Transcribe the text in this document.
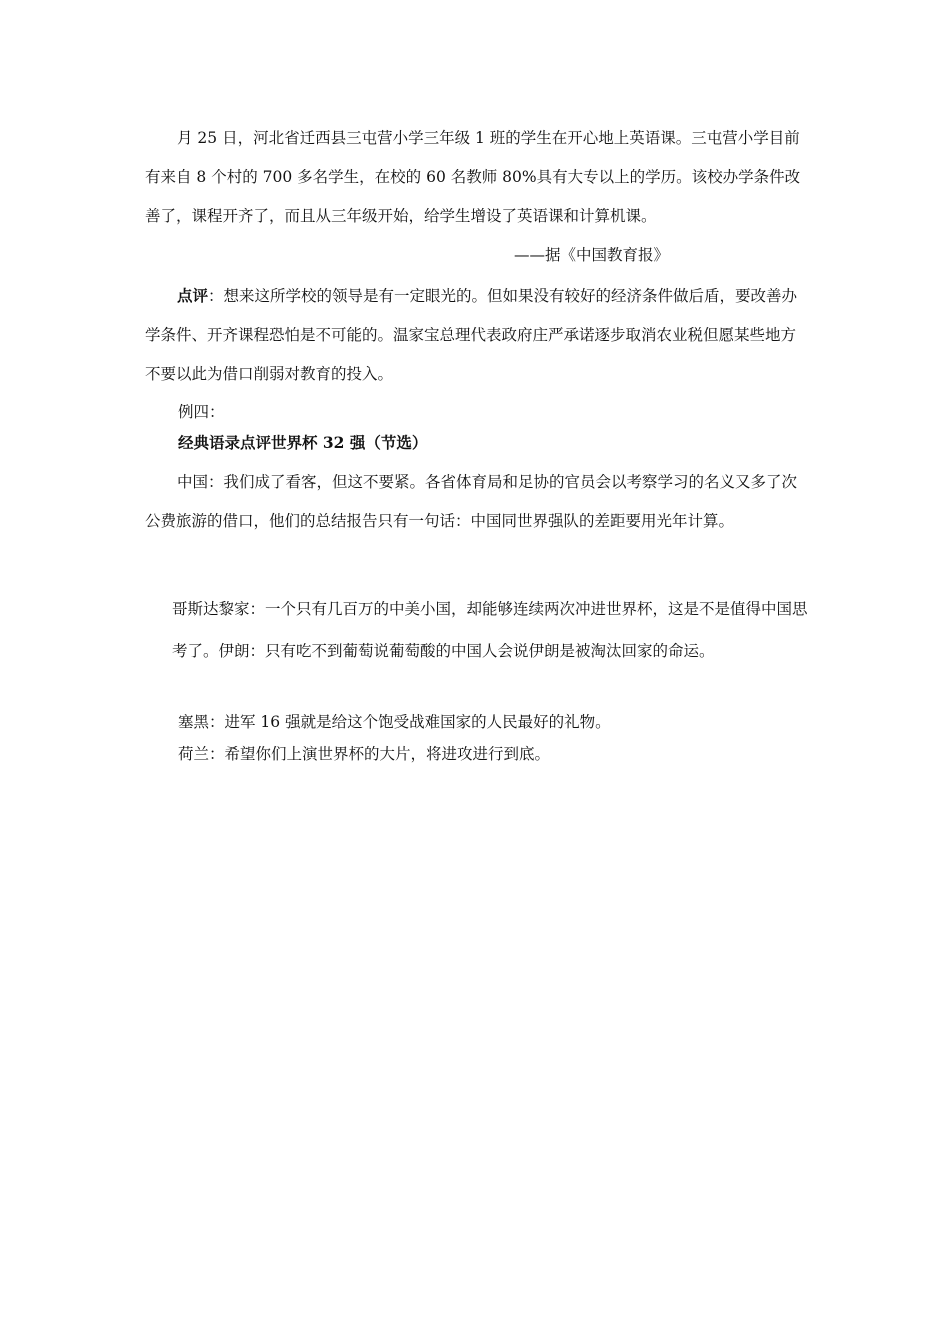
月 25 日，河北省迁西县三屯营小学三年级 1 班的学生在开心地上英语课。三屯营小学目前有来自 8 个村的 700 多名学生，在校的 60 名教师 80%具有大专以上的学历。该校办学条件改善了，课程开齐了，而且从三年级开始，给学生增设了英语课和计算机课。

——据《中国教育报》

点评：想来这所学校的领导是有一定眼光的。但如果没有较好的经济条件做后盾，要改善办学条件、开齐课程恐怕是不可能的。温家宝总理代表政府庄严承诺逐步取消农业税但愿某些地方不要以此为借口削弱对教育的投入。

例四：

经典语录点评世界杯 32 强（节选）

中国：我们成了看客，但这不要紧。各省体育局和足协的官员会以考察学习的名义又多了次公费旅游的借口，他们的总结报告只有一句话：中国同世界强队的差距要用光年计算。

哥斯达黎家：一个只有几百万的中美小国，却能够连续两次冲进世界杯，这是不是值得中国思考了。伊朗：只有吃不到葡萄说葡萄酸的中国人会说伊朗是被淘汰回家的命运。

塞黑：进军 16 强就是给这个饱受战难国家的人民最好的礼物。

荷兰：希望你们上演世界杯的大片，将进攻进行到底。
